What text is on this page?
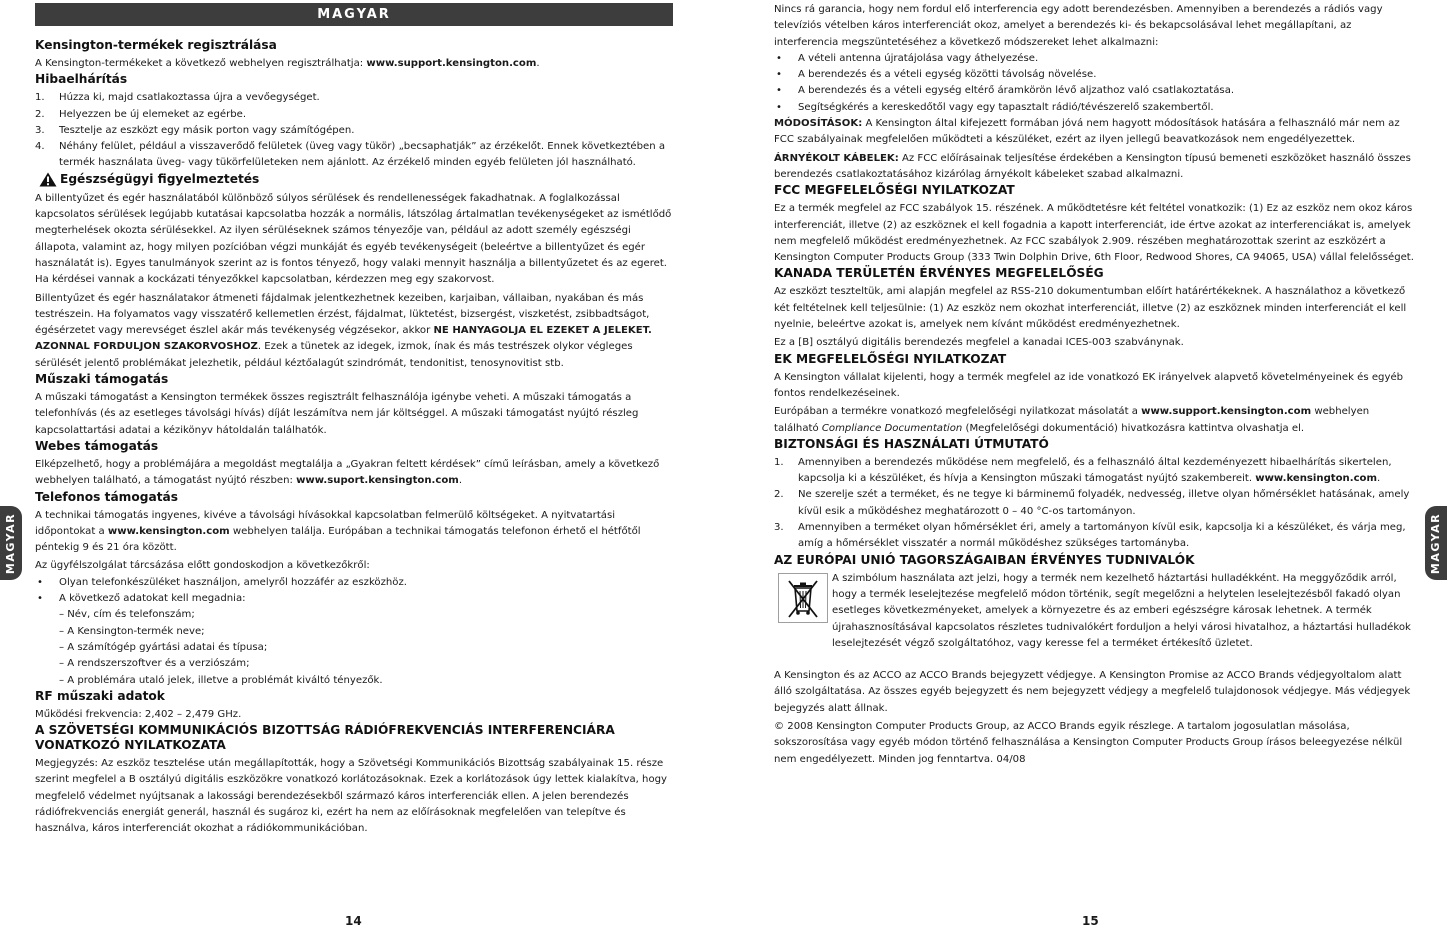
MAGYAR
Kensington-termékek regisztrálása

A Kensington-termékeket a következő webhelyen regisztrálhatja: www.support.kensington.com.

Hibaelhárítás
1.	Húzza ki, majd csatlakoztassa újra a vevőegységet.
2.	Helyezzen be új elemeket az egérbe.
3.	Tesztelje az eszközt egy másik porton vagy számítógépen.
4.	Néhány felület, például a visszaverődő felületek (üveg vagy tükör) „becsaphatják” az érzékelőt. Ennek következtében a termék használata üveg- vagy tükörfelületeken nem ajánlott. Az érzékelő minden egyéb felületen jól használható.
Egészségügyi figyelmeztetés

A billentyűzet és egér használatából különböző súlyos sérülések és rendellenességek fakadhatnak. A foglalkozással kapcsolatos sérülések legújabb kutatásai kapcsolatba hozzák a normális, látszólag ártalmatlan tevékenységeket az ismétlődő megterhelések okozta sérülésekkel. Az ilyen sérüléseknek számos tényezője van, például az adott személy egészségi állapota, valamint az, hogy milyen pozícióban végzi munkáját és egyéb tevékenységeit (beleértve a billentyűzet és egér használatát is). Egyes tanulmányok szerint az is fontos tényező, hogy valaki mennyit használja a billentyűzetet és az egeret. Ha kérdései vannak a kockázati tényezőkkel kapcsolatban, kérdezzen meg egy szakorvost.

Billentyűzet és egér használatakor átmeneti fájdalmak jelentkezhetnek kezeiben, karjaiban, vállaiban, nyakában és más testrészein. Ha folyamatos vagy visszatérő kellemetlen érzést, fájdalmat, lüktetést, bizsergést, viszketést, zsibbadtságot, égésérzetet vagy merevséget észlel akár más tevékenység végzésekor, akkor NE HANYAGOLJA EL EZEKET A JELEKET. AZONNAL FORDULJON SZAKORVOSHOZ. Ezek a tünetek az idegek, izmok, ínak és más testrészek olykor végleges sérülését jelentő problémákat jelezhetik, például kéztőalagút szindrómát, tendonitist, tenosynovitist stb.

Műszaki támogatás

A műszaki támogatást a Kensington termékek összes regisztrált felhasználója igénybe veheti. A műszaki támogatás a telefonhívás (és az esetleges távolsági hívás) díját leszámítva nem jár költséggel. A műszaki támogatást nyújtó részleg kapcsolattartási adatai a kézikönyv hátoldalán találhatók.

Webes támogatás

Elképzelhető, hogy a problémájára a megoldást megtalálja a „Gyakran feltett kérdések” című leírásban, amely a következő webhelyen található, a támogatást nyújtó részben: www.suport.kensington.com.

Telefonos támogatás

A technikai támogatás ingyenes, kivéve a távolsági hívásokkal kapcsolatban felmerülő költségeket. A nyitvatartási időpontokat a www.kensington.com webhelyen találja. Európában a technikai támogatás telefonon érhető el hétfőtől péntekig 9 és 21 óra között.

Az ügyfélszolgálat tárcsázása előtt gondoskodjon a következőkről:

•	Olyan telefonkészüléket használjon, amelyről hozzáfér az eszközhöz.
•	A következő adatokat kell megadnia:
– Név, cím és telefonszám;
– A Kensington-termék neve;
– A számítógép gyártási adatai és típusa;
– A rendszerszoftver és a verziószám;
– A problémára utaló jelek, illetve a problémát kiváltó tényezők.
RF műszaki adatok

Működési frekvencia: 2,402 – 2,479 GHz.

A SZÖVETSÉGI KOMMUNIKÁCIÓS BIZOTTSÁG RÁDIÓFREKVENCIÁS INTERFERENCIÁRA VONATKOZÓ NYILATKOZATA

Megjegyzés: Az eszköz tesztelése után megállapították, hogy a Szövetségi Kommunikációs Bizottság szabályainak 15. része szerint megfelel a B osztályú digitális eszközökre vonatkozó korlátozásoknak. Ezek a korlátozások úgy lettek kialakítva, hogy megfelelő védelmet nyújtsanak a lakossági berendezésekből származó káros interferenciák ellen. A jelen berendezés rádiófrekvenciás energiát generál, használ és sugároz ki, ezért ha nem az előírásoknak megfelelően van telepítve és használva, káros interferenciát okozhat a rádiókommunikációban.

MAGYAR
14

Nincs rá garancia, hogy nem fordul elő interferencia egy adott berendezésben. Amennyiben a berendezés a rádiós vagy televíziós vételben káros interferenciát okoz, amelyet a berendezés ki- és bekapcsolásával lehet megállapítani, az interferencia megszüntetéséhez a következő módszereket lehet alkalmazni:

•	A vételi antenna újratájolása vagy áthelyezése.
•	A berendezés és a vételi egység közötti távolság növelése.
•	A berendezés és a vételi egység eltérő áramkörön lévő aljzathoz való csatlakoztatása.
•	Segítségkérés a kereskedőtől vagy egy tapasztalt rádió/tévészerelő szakembertől.

MÓDOSÍTÁSOK: A Kensington által kifejezett formában jóvá nem hagyott módosítások hatására a felhasználó már nem az FCC szabályainak megfelelően működteti a készüléket, ezért az ilyen jellegű beavatkozások nem engedélyezettek.

ÁRNYÉKOLT KÁBELEK: Az FCC előírásainak teljesítése érdekében a Kensington típusú bemeneti eszközöket használó összes berendezés csatlakoztatásához kizárólag árnyékolt kábeleket szabad alkalmazni.

FCC MEGFELELŐSÉGI NYILATKOZAT

Ez a termék megfelel az FCC szabályok 15. részének. A működtetésre két feltétel vonatkozik: (1) Ez az eszköz nem okoz káros interferenciát, illetve (2) az eszköznek el kell fogadnia a kapott interferenciát, ide értve azokat az interferenciákat is, amelyek nem megfelelő működést eredményezhetnek. Az FCC szabályok 2.909. részében meghatározottak szerint az eszközért a Kensington Computer Products Group (333 Twin Dolphin Drive, 6th Floor, Redwood Shores, CA 94065, USA) vállal felelősséget.

KANADA TERÜLETÉN ÉRVÉNYES MEGFELELŐSÉG

Az eszközt teszteltük, ami alapján megfelel az RSS-210 dokumentumban előírt határértékeknek. A használathoz a következő két feltételnek kell teljesülnie: (1) Az eszköz nem okozhat interferenciát, illetve (2) az eszköznek minden interferenciát el kell nyelnie, beleértve azokat is, amelyek nem kívánt működést eredményezhetnek.

Ez a [B] osztályú digitális berendezés megfelel a kanadai ICES-003 szabványnak.

EK MEGFELELŐSÉGI NYILATKOZAT

A Kensington vállalat kijelenti, hogy a termék megfelel az ide vonatkozó EK irányelvek alapvető követelményeinek és egyéb fontos rendelkezéseinek.

Európában a termékre vonatkozó megfelelőségi nyilatkozat másolatát a www.support.kensington.com webhelyen található Compliance Documentation (Megfelelőségi dokumentáció) hivatkozásra kattintva olvashatja el.

BIZTONSÁGI ÉS HASZNÁLATI ÚTMUTATÓ
1.	Amennyiben a berendezés működése nem megfelelő, és a felhasználó által kezdeményezett hibaelhárítás sikertelen, kapcsolja ki a készüléket, és hívja a Kensington műszaki támogatást nyújtó szakembereit. www.kensington.com.
2.	Ne szerelje szét a terméket, és ne tegye ki bárminemű folyadék, nedvesség, illetve olyan hőmérséklet hatásának, amely kívül esik a működéshez meghatározott 0 – 40 °C-os tartományon.
3.	Amennyiben a terméket olyan hőmérséklet éri, amely a tartományon kívül esik, kapcsolja ki a készüléket, és várja meg, amíg a hőmérséklet visszatér a normál működéshez szükséges tartományba.
AZ EURÓPAI UNIÓ TAGORSZÁGAIBAN ÉRVÉNYES TUDNIVALÓK

A szimbólum használata azt jelzi, hogy a termék nem kezelhető háztartási hulladékként. Ha meggyőződik arról, hogy a termék leselejtezése megfelelő módon történik, segít megelőzni a helytelen leselejtezésből fakadó olyan esetleges következményeket, amelyek a környezetre és az emberi egészségre károsak lehetnek. A termék újrahasznosításával kapcsolatos részletes tudnivalókért forduljon a helyi városi hivatalhoz, a háztartási hulladékok leselejtezését végző szolgáltatóhoz, vagy keresse fel a terméket értékesítő üzletet.

A Kensington és az ACCO az ACCO Brands bejegyzett védjegye. A Kensington Promise az ACCO Brands védjegyoltalom alatt álló szolgáltatása. Az összes egyéb bejegyzett és nem bejegyzett védjegy a megfelelő tulajdonosok védjegye. Más védjegyek bejegyzés alatt állnak.

© 2008 Kensington Computer Products Group, az ACCO Brands egyik részlege. A tartalom jogosulatlan másolása, sokszorosítása vagy egyéb módon történő felhasználása a Kensington Computer Products Group írásos beleegyezése nélkül nem engedélyezett. Minden jog fenntartva. 04/08

MAGYAR
15
